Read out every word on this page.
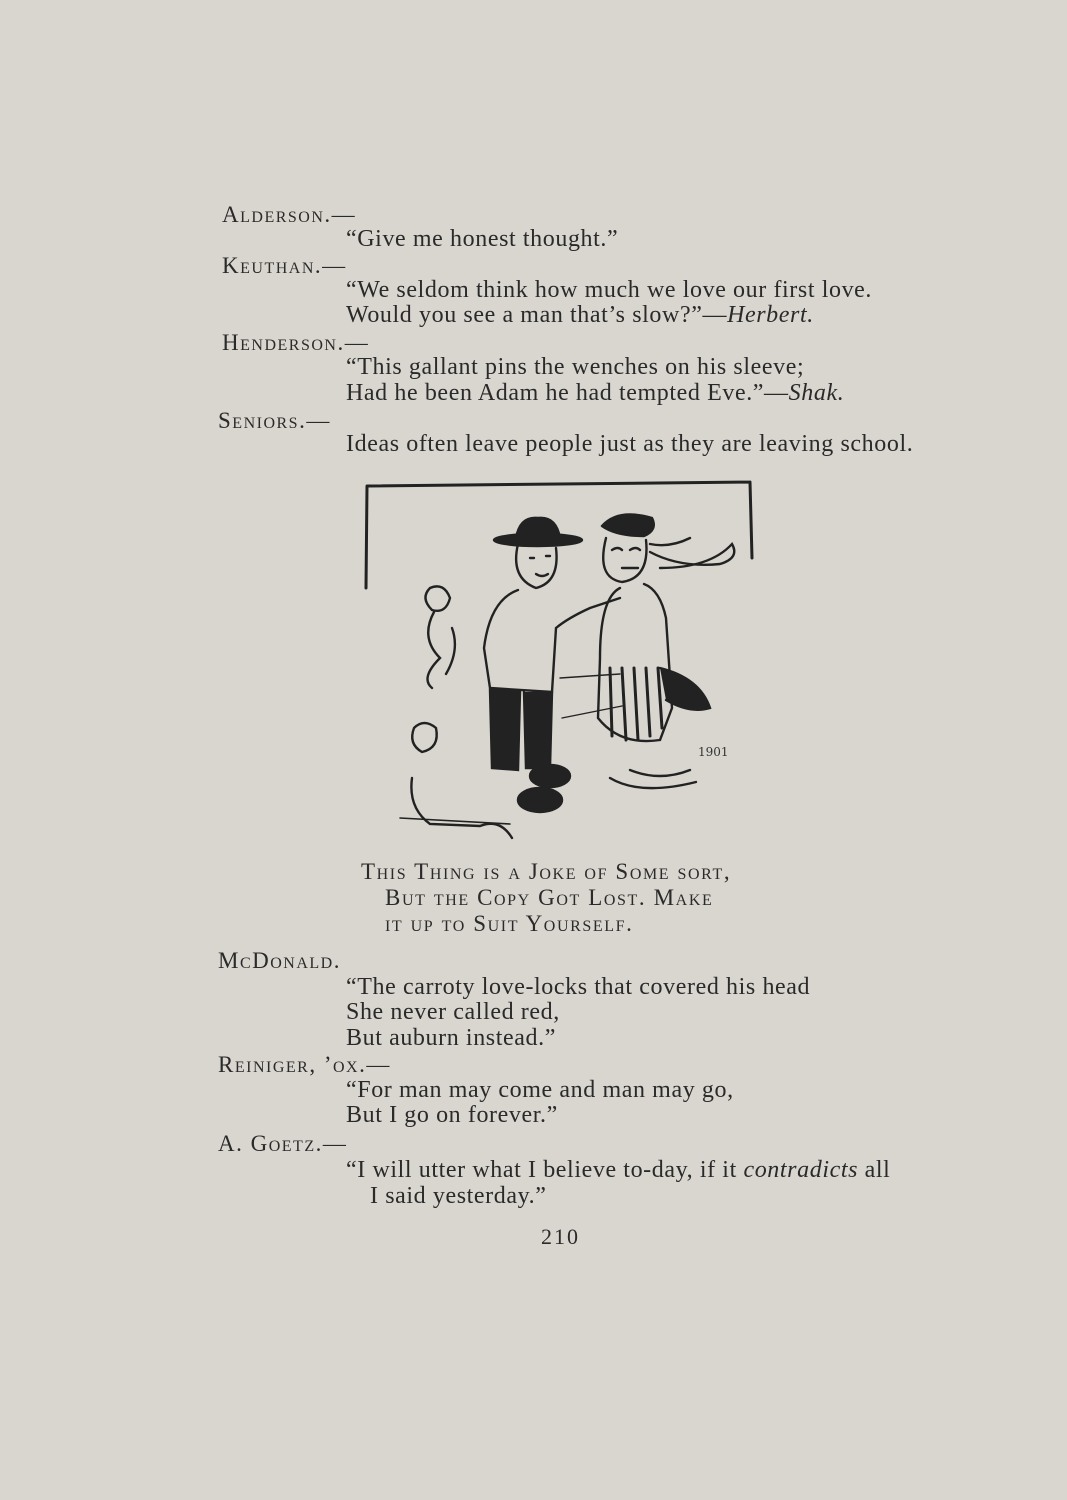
Alderson.—
“Give me honest thought.”
Keuthan.—
“We seldom think how much we love our first love.
Would you see a man that’s slow?”—Herbert.
Henderson.—
“This gallant pins the wenches on his sleeve;
Had he been Adam he had tempted Eve.”—Shak.
Seniors.—
Ideas often leave people just as they are leaving school.
1901
This Thing is a Joke of Some sort,
But the Copy Got Lost. Make
it up to Suit Yourself.
McDonald.
“The carroty love-locks that covered his head
She never called red,
But auburn instead.”
Reiniger, ’ox.—
“For man may come and man may go,
But I go on forever.”
A. Goetz.—
“I will utter what I believe to-day, if it contradicts all
I said yesterday.”
210
